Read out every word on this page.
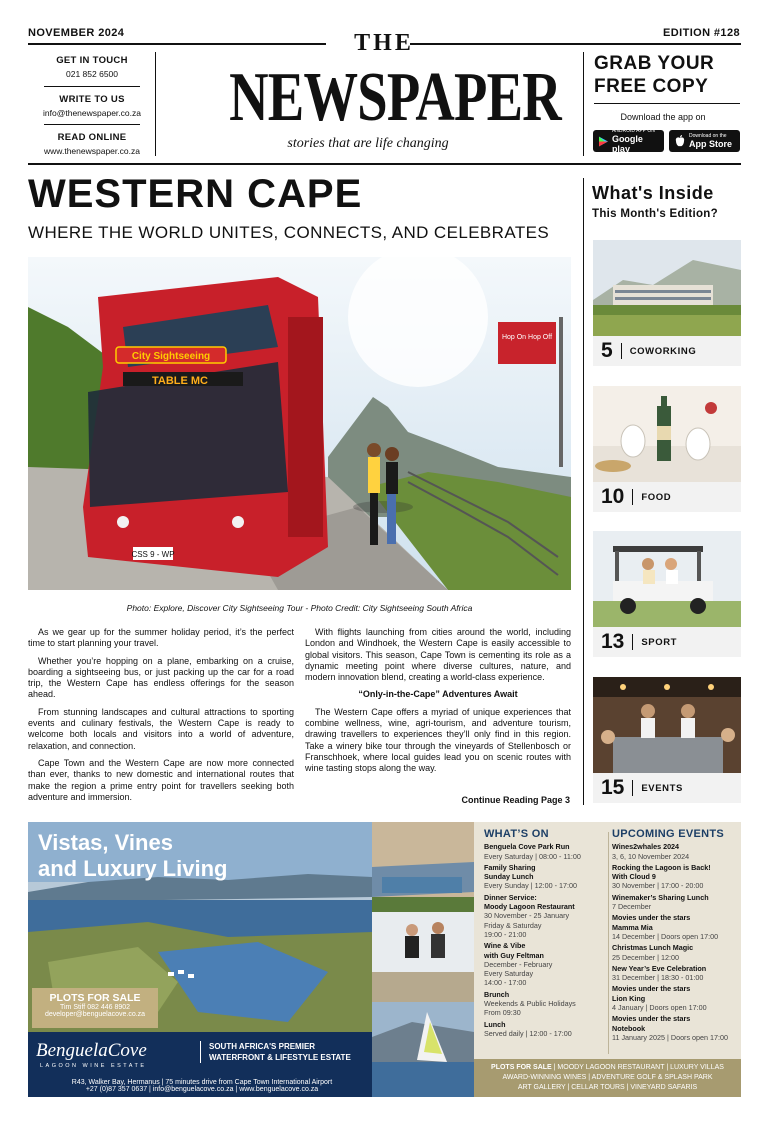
NOVEMBER 2024	EDITION #128
GET IN TOUCH
021 852 6500
WRITE TO US
info@thenewspaper.co.za
READ ONLINE
www.thenewspaper.co.za
THE
NEWSPAPER
stories that are life changing
GRAB YOUR
FREE COPY
Download the app on
ANDROID APP ON
Google play
Download on the
App Store
WESTERN CAPE
WHERE THE WORLD UNITES, CONNECTS, AND CELEBRATES
Hop On Hop Off
TABLE MC
City Sightseeing
CSS 9 - WP
Photo: Explore, Discover City Sightseeing Tour - Photo Credit: City Sightseeing South Africa

As we gear up for the summer holiday period, it’s the perfect time to start planning your travel.

Whether you’re hopping on a plane, embarking on a cruise, boarding a sightseeing bus, or just packing up the car for a road trip, the Western Cape has endless offerings for the season ahead.

From stunning landscapes and cultural attractions to sporting events and culinary festivals, the Western Cape is ready to welcome both locals and visitors into a world of adventure, relaxation, and connection.

Cape Town and the Western Cape are now more connected than ever, thanks to new domestic and international routes that make the region a prime entry point for travellers seeking both adventure and immersion.

With flights launching from cities around the world, including London and Windhoek, the Western Cape is easily accessible to global visitors. This season, Cape Town is cementing its role as a dynamic meeting point where diverse cultures, nature, and modern innovation blend, creating a world-class experience.

“Only-in-the-Cape” Adventures Await

The Western Cape offers a myriad of unique experiences that combine wellness, wine, agri-tourism, and adventure tourism, drawing travellers to experiences they’ll only find in this region. Take a winery bike tour through the vineyards of Stellenbosch or Franschhoek, where local guides lead you on scenic routes with wine tasting stops along the way.

Continue Reading Page 3
What's Inside
This Month's Edition?
5 COWORKING
10 FOOD
13 SPORT
15 EVENTS
Vistas, Vines
and Luxury Living
PLOTS FOR SALE
Tim Stiff 082 446 8902
developer@benguelacove.co.za
BenguelaCove
LAGOON WINE ESTATE
SOUTH AFRICA'S PREMIER
WATERFRONT & LIFESTYLE ESTATE
R43, Walker Bay, Hermanus | 75 minutes drive from Cape Town International Airport
+27 (0)87 357 0637 | info@benguelacove.co.za | www.benguelacove.co.za
WHAT’S ON
Benguela Cove Park Run
Every Saturday | 08:00 - 11:00
Family Sharing
Sunday Lunch
Every Sunday | 12:00 - 17:00
Dinner Service:
Moody Lagoon Restaurant
30 November - 25 January
Friday & Saturday
19:00 - 21:00
Wine & Vibe
with Guy Feltman
December - February
Every Saturday
14:00 - 17:00
Brunch
Weekends & Public Holidays
From 09:30
Lunch
Served daily | 12:00 - 17:00
UPCOMING EVENTS
Wines2whales 2024
3, 6, 10 November 2024
Rocking the Lagoon is Back!
With Cloud 9
30 November | 17:00 - 20:00
Winemaker’s Sharing Lunch
7 December
Movies under the stars
Mamma Mia
14 December | Doors open 17:00
Christmas Lunch Magic
25 December | 12:00
New Year’s Eve Celebration
31 December | 18:30 - 01:00
Movies under the stars
Lion King
4 January | Doors open 17:00
Movies under the stars
Notebook
11 January 2025 | Doors open 17:00
PLOTS FOR SALE | MOODY LAGOON RESTAURANT | LUXURY VILLAS
AWARD-WINNING WINES | ADVENTURE GOLF & SPLASH PARK
ART GALLERY | CELLAR TOURS | VINEYARD SAFARIS
